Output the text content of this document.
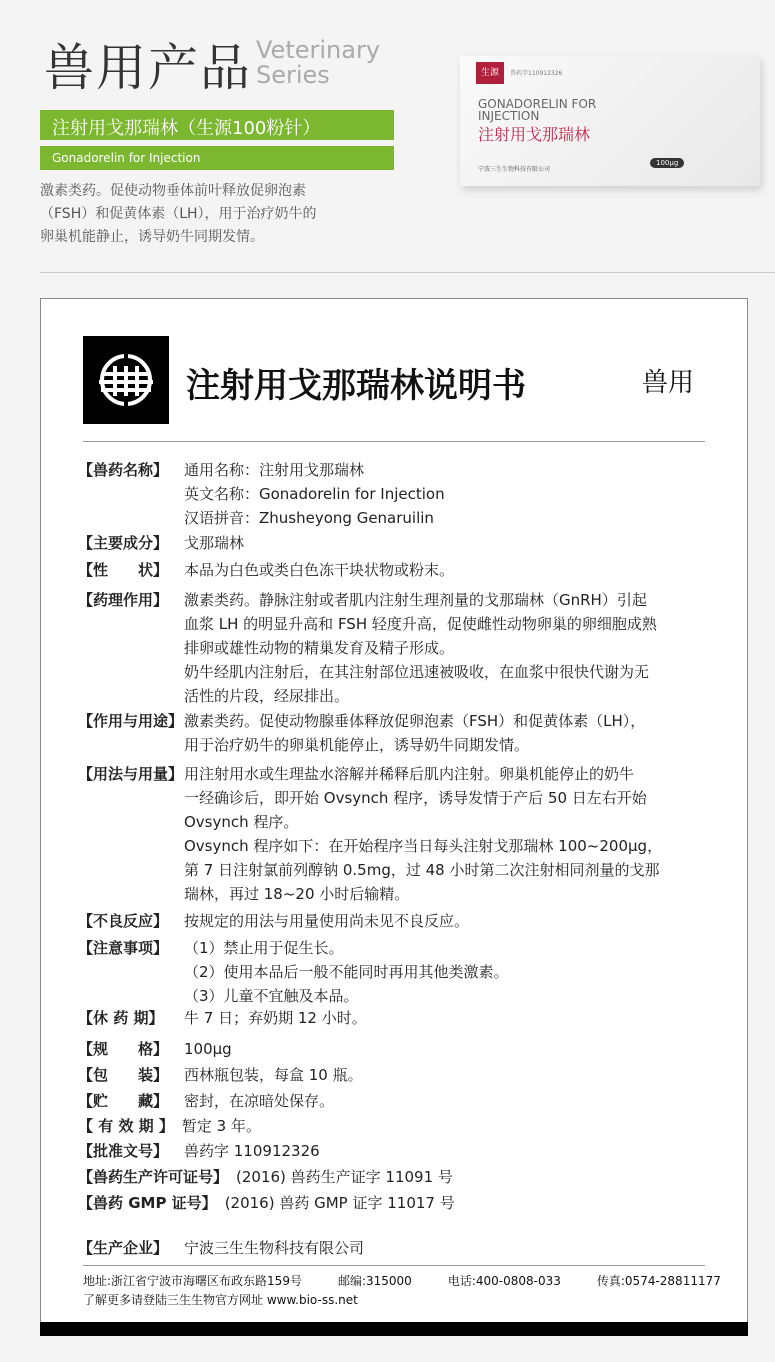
兽用产品 Veterinary
Series
注射用戈那瑞林（生源100粉针）
Gonadorelin for Injection
激素类药。促使动物垂体前叶释放促卵泡素
（FSH）和促黄体素（LH），用于治疗奶牛的
卵巢机能静止，诱导奶牛同期发情。
生源	兽药字110912326
GONADORELIN FOR INJECTION
注射用戈那瑞林
宁波三生生物科技有限公司
100μg
注射用戈那瑞林说明书	兽用
【兽药名称】	通用名称：注射用戈那瑞林
英文名称：Gonadorelin for Injection
汉语拼音：Zhusheyong Genaruilin
【主要成分】	戈那瑞林
【性　　状】	本品为白色或类白色冻干块状物或粉末。
【药理作用】	激素类药。静脉注射或者肌内注射生理剂量的戈那瑞林（GnRH）引起
血浆 LH 的明显升高和 FSH 轻度升高，促使雌性动物卵巢的卵细胞成熟
排卵或雄性动物的精巢发育及精子形成。
奶牛经肌内注射后，在其注射部位迅速被吸收，在血浆中很快代谢为无
活性的片段，经尿排出。
【作用与用途】 激素类药。促使动物腺垂体释放促卵泡素（FSH）和促黄体素（LH），
用于治疗奶牛的卵巢机能停止，诱导奶牛同期发情。
【用法与用量】 用注射用水或生理盐水溶解并稀释后肌内注射。卵巢机能停止的奶牛
一经确诊后，即开始 Ovsynch 程序，诱导发情于产后 50 日左右开始
Ovsynch 程序。
Ovsynch 程序如下：在开始程序当日每头注射戈那瑞林 100~200μg，
第 7 日注射氯前列醇钠 0.5mg，过 48 小时第二次注射相同剂量的戈那
瑞林，再过 18~20 小时后输精。
【不良反应】	按规定的用法与用量使用尚未见不良反应。
【注意事项】	（1）禁止用于促生长。
（2）使用本品后一般不能同时再用其他类激素。
（3）儿童不宜触及本品。
【休 药 期】	牛 7 日；弃奶期 12 小时。
【规　　格】	100μg
【包　　装】	西林瓶包装，每盒 10 瓶。
【贮　　藏】	密封，在凉暗处保存。
【 有 效 期 】 暂定 3 年。
【批准文号】	兽药字 110912326
【兽药生产许可证号】 (2016) 兽药生产证字 11091 号
【兽药 GMP 证号】 (2016) 兽药 GMP 证字 11017 号
【生产企业】	宁波三生生物科技有限公司
地址:浙江省宁波市海曙区布政东路159号	邮编:315000	电话:400-0808-033	传真:0574-28811177
了解更多请登陆三生生物官方网址 www.bio-ss.net
